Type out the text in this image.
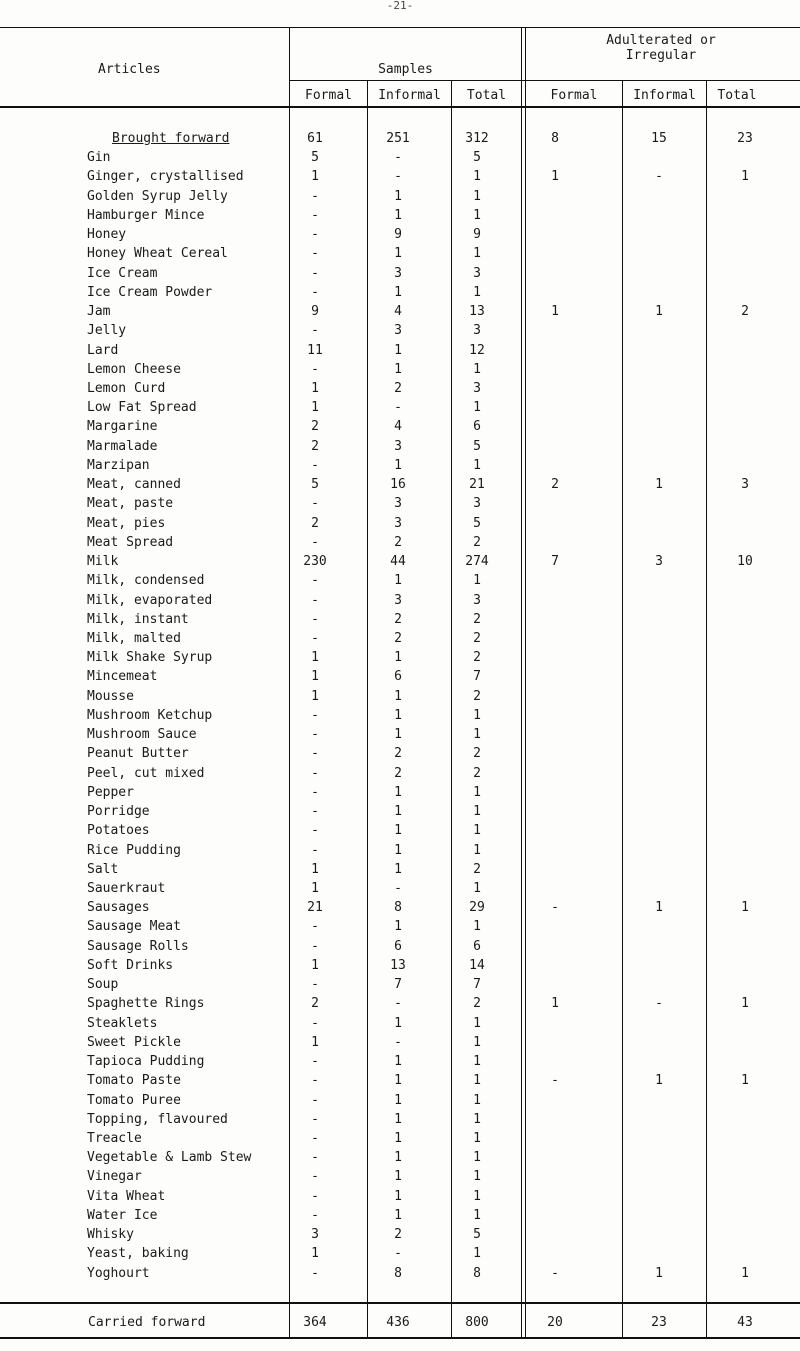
-21-
Articles	Samples
Adulterated or Irregular
Formal	Informal	Total	Formal	Informal	Total
Brought forward	61	251	312	8	15	23
Gin	5	-	5
Ginger, crystallised	1	-	1	1	-	1
Golden Syrup Jelly	-	1	1
Hamburger Mince	-	1	1
Honey	-	9	9
Honey Wheat Cereal	-	1	1
Ice Cream	-	3	3
Ice Cream Powder	-	1	1
Jam	9	4	13	1	1	2
Jelly	-	3	3
Lard	11	1	12
Lemon Cheese	-	1	1
Lemon Curd	1	2	3
Low Fat Spread	1	-	1
Margarine	2	4	6
Marmalade	2	3	5
Marzipan	-	1	1
Meat, canned	5	16	21	2	1	3
Meat, paste	-	3	3
Meat, pies	2	3	5
Meat Spread	-	2	2
Milk	230	44	274	7	3	10
Milk, condensed	-	1	1
Milk, evaporated	-	3	3
Milk, instant	-	2	2
Milk, malted	-	2	2
Milk Shake Syrup	1	1	2
Mincemeat	1	6	7
Mousse	1	1	2
Mushroom Ketchup	-	1	1
Mushroom Sauce	-	1	1
Peanut Butter	-	2	2
Peel, cut mixed	-	2	2
Pepper	-	1	1
Porridge	-	1	1
Potatoes	-	1	1
Rice Pudding	-	1	1
Salt	1	1	2
Sauerkraut	1	-	1
Sausages	21	8	29	-	1	1
Sausage Meat	-	1	1
Sausage Rolls	-	6	6
Soft Drinks	1	13	14
Soup	-	7	7
Spaghette Rings	2	-	2	1	-	1
Steaklets	-	1	1
Sweet Pickle	1	-	1
Tapioca Pudding	-	1	1
Tomato Paste	-	1	1	-	1	1
Tomato Puree	-	1	1
Topping, flavoured	-	1	1
Treacle	-	1	1
Vegetable & Lamb Stew	-	1	1
Vinegar	-	1	1
Vita Wheat	-	1	1
Water Ice	-	1	1
Whisky	3	2	5
Yeast, baking	1	-	1
Yoghourt	-	8	8	-	1	1
Carried forward	364	436	800	20	23	43
